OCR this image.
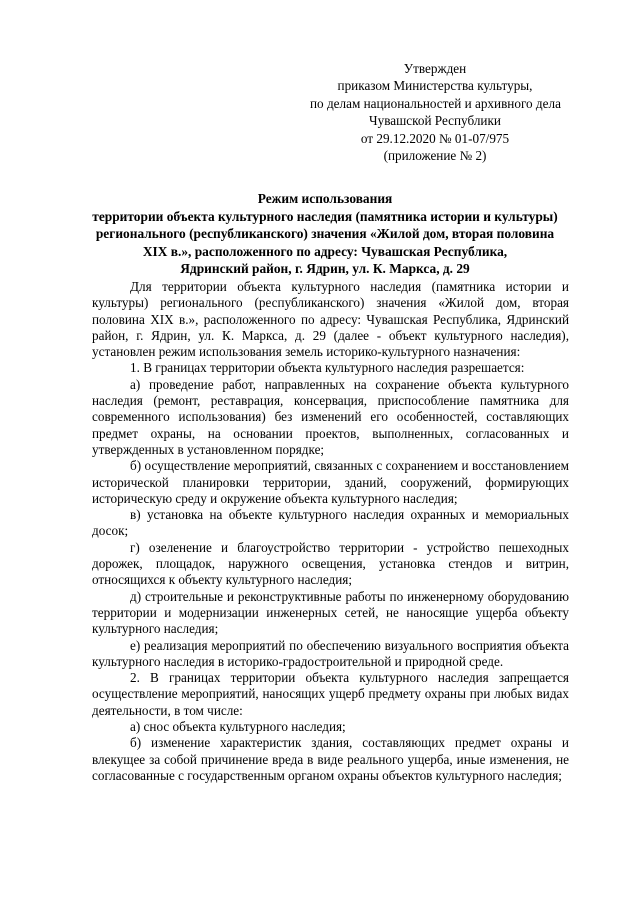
Утвержден
приказом Министерства культуры,
по делам национальностей и архивного дела
Чувашской Республики
от 29.12.2020 № 01-07/975
(приложение № 2)
Режим использования
территории объекта культурного наследия (памятника истории и культуры)
регионального (республиканского) значения «Жилой дом, вторая половина
XIX в.», расположенного по адресу: Чувашская Республика,
Ядринский район, г. Ядрин, ул. К. Маркса, д. 29

Для территории объекта культурного наследия (памятника истории и культуры) регионального (республиканского) значения «Жилой дом, вторая половина XIX в.», расположенного по адресу: Чувашская Республика, Ядринский район, г. Ядрин, ул. К. Маркса, д. 29 (далее - объект культурного наследия), установлен режим использования земель историко-культурного назначения:

1. В границах территории объекта культурного наследия разрешается:

а) проведение работ, направленных на сохранение объекта культурного наследия (ремонт, реставрация, консервация, приспособление памятника для современного использования) без изменений его особенностей, составляющих предмет охраны, на основании проектов, выполненных, согласованных и утвержденных в установленном порядке;

б) осуществление мероприятий, связанных с сохранением и восстановлением исторической планировки территории, зданий, сооружений, формирующих историческую среду и окружение объекта культурного наследия;

в) установка на объекте культурного наследия охранных и мемориальных досок;

г) озеленение и благоустройство территории - устройство пешеходных дорожек, площадок, наружного освещения, установка стендов и витрин, относящихся к объекту культурного наследия;

д) строительные и реконструктивные работы по инженерному оборудованию территории и модернизации инженерных сетей, не наносящие ущерба объекту культурного наследия;

е) реализация мероприятий по обеспечению визуального восприятия объекта культурного наследия в историко-градостроительной и природной среде.

2. В границах территории объекта культурного наследия запрещается осуществление мероприятий, наносящих ущерб предмету охраны при любых видах деятельности, в том числе:

а) снос объекта культурного наследия;

б) изменение характеристик здания, составляющих предмет охраны и влекущее за собой причинение вреда в виде реального ущерба, иные изменения, не согласованные с государственным органом охраны объектов культурного наследия;
